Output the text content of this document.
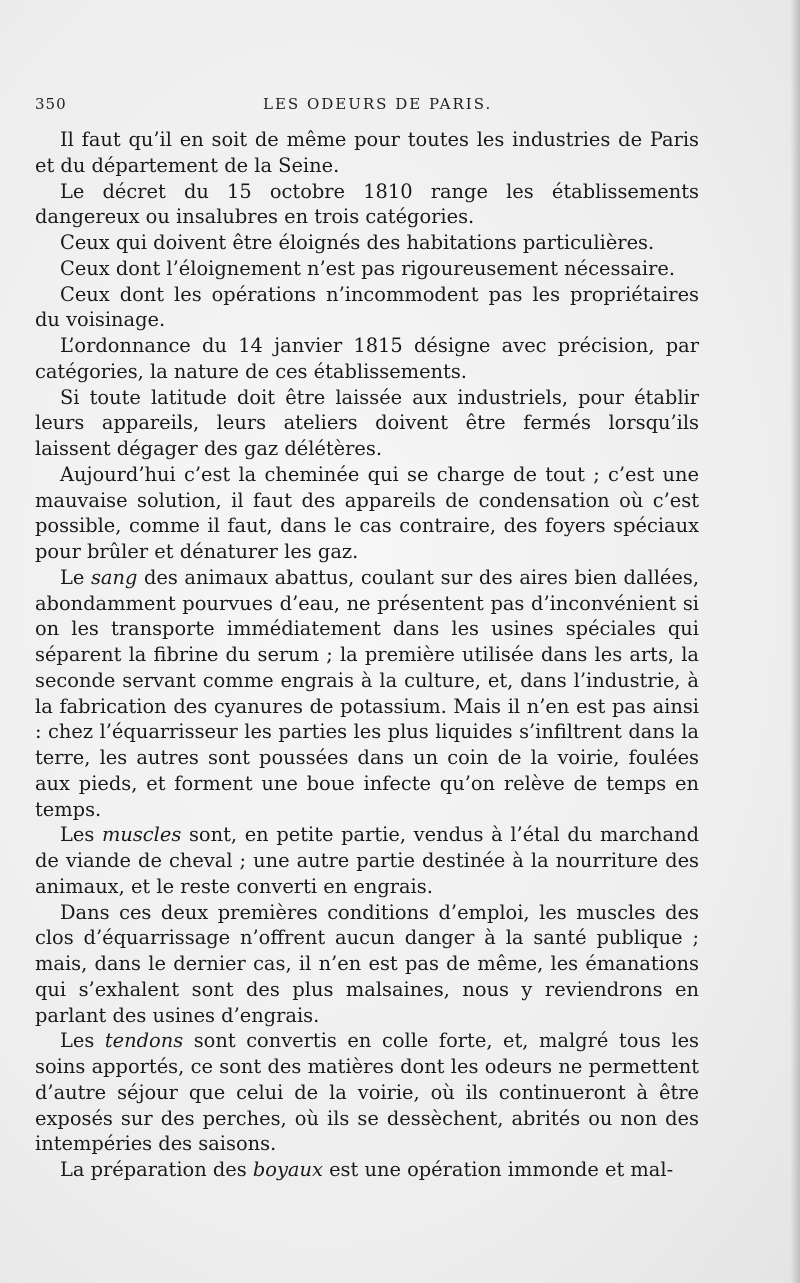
350	LES ODEURS DE PARIS.

Il faut qu’il en soit de même pour toutes les industries de Paris et du département de la Seine.

Le décret du 15 octobre 1810 range les établissements dangereux ou insalubres en trois catégories.

Ceux qui doivent être éloignés des habitations particulières.

Ceux dont l’éloignement n’est pas rigoureusement nécessaire.

Ceux dont les opérations n’incommodent pas les propriétaires du voisinage.

L’ordonnance du 14 janvier 1815 désigne avec précision, par catégories, la nature de ces établissements.

Si toute latitude doit être laissée aux industriels, pour établir leurs appareils, leurs ateliers doivent être fermés lorsqu’ils laissent dégager des gaz délétères.

Aujourd’hui c’est la cheminée qui se charge de tout ; c’est une mauvaise solution, il faut des appareils de condensation où c’est possible, comme il faut, dans le cas contraire, des foyers spéciaux pour brûler et dénaturer les gaz.

Le sang des animaux abattus, coulant sur des aires bien dallées, abondamment pourvues d’eau, ne présentent pas d’inconvénient si on les transporte immédiatement dans les usines spéciales qui séparent la fibrine du serum ; la première utilisée dans les arts, la seconde servant comme engrais à la culture, et, dans l’industrie, à la fabrication des cyanures de potassium. Mais il n’en est pas ainsi : chez l’équarrisseur les parties les plus liquides s’infiltrent dans la terre, les autres sont poussées dans un coin de la voirie, foulées aux pieds, et forment une boue infecte qu’on relève de temps en temps.

Les muscles sont, en petite partie, vendus à l’étal du marchand de viande de cheval ; une autre partie destinée à la nourriture des animaux, et le reste converti en engrais.

Dans ces deux premières conditions d’emploi, les muscles des clos d’équarrissage n’offrent aucun danger à la santé publique ; mais, dans le dernier cas, il n’en est pas de même, les émanations qui s’exhalent sont des plus malsaines, nous y reviendrons en parlant des usines d’engrais.

Les tendons sont convertis en colle forte, et, malgré tous les soins apportés, ce sont des matières dont les odeurs ne permettent d’autre séjour que celui de la voirie, où ils continueront à être exposés sur des perches, où ils se dessèchent, abrités ou non des intempéries des saisons.

La préparation des boyaux est une opération immonde et mal-
